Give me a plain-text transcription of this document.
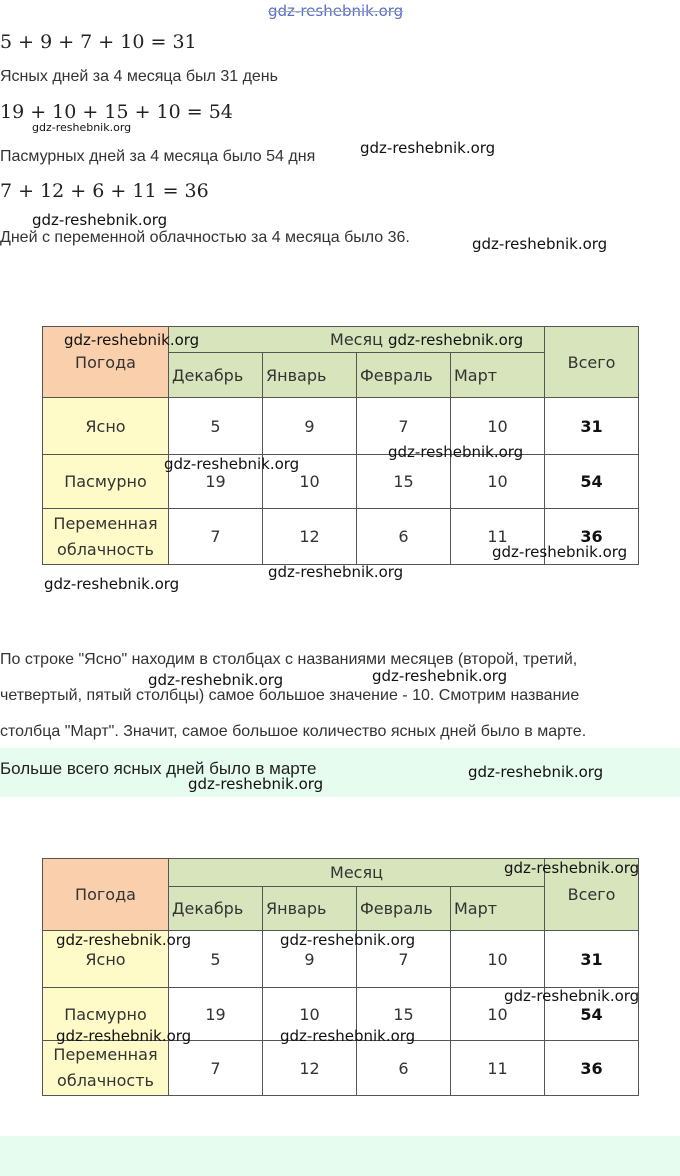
gdz-reshebnik.org
5 + 9 + 7 + 10 = 31
Ясных дней за 4 месяца был 31 день
19 + 10 + 15 + 10 = 54
gdz-reshebnik.org
Пасмурных дней за 4 месяца было 54 дня	gdz-reshebnik.org
7 + 12 + 6 + 11 = 36
gdz-reshebnik.org
Дней с переменной облачностью за 4 месяца было 36.	gdz-reshebnik.org
Погода	Месяц				Всего
	Декабрь	Январь	Февраль	Март	
Ясно	5	9	7	10	31
Пасмурно	19	10	15	10	54

Переменная
облачность	7	12	6	11	36
gdz-reshebnik.org	gdz-reshebnik.org
gdz-reshebnik.org
gdz-reshebnik.org
gdz-reshebnik.org
gdz-reshebnik.org
gdz-reshebnik.org
По строке "Ясно" находим в столбцах с названиями месяцев (второй, третий,
gdz-reshebnik.org	gdz-reshebnik.org
четвертый, пятый столбцы) самое большое значение - 10. Смотрим название
столбца "Март". Значит, самое большое количество ясных дней было в марте.
Больше всего ясных дней было в марте	gdz-reshebnik.org
gdz-reshebnik.org
Погода	Месяц				Всего
	Декабрь	Январь	Февраль	Март	
Ясно	5	9	7	10	31
Пасмурно	19	10	15	10	54

Переменная
облачность	7	12	6	11	36
gdz-reshebnik.org
gdz-reshebnik.org	gdz-reshebnik.org
gdz-reshebnik.org
gdz-reshebnik.org	gdz-reshebnik.org
